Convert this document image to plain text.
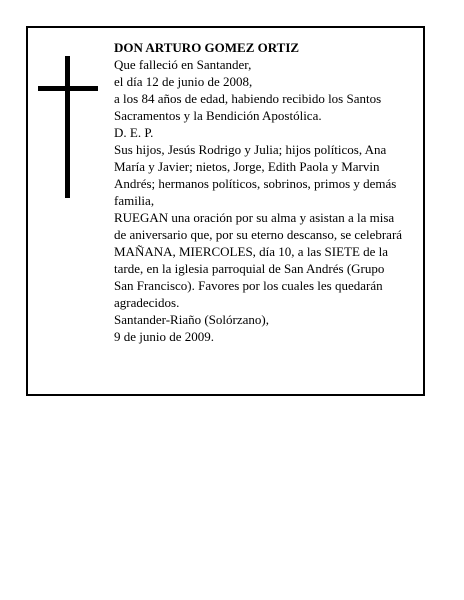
DON ARTURO GOMEZ ORTIZ
Que falleció en Santander,
el día 12 de junio de 2008,
a los 84 años de edad, habiendo recibido los Santos
Sacramentos y la Bendición Apostólica.
D. E. P.
Sus hijos, Jesús Rodrigo y Julia; hijos políticos, Ana
María y Javier; nietos, Jorge, Edith Paola y Marvin
Andrés; hermanos políticos, sobrinos, primos y demás
familia,
RUEGAN una oración por su alma y asistan a la misa
de aniversario que, por su eterno descanso, se celebrará
MAÑANA, MIERCOLES, día 10, a las SIETE de la
tarde, en la iglesia parroquial de San Andrés (Grupo
San Francisco). Favores por los cuales les quedarán
agradecidos.
Santander-Riaño (Solórzano),
9 de junio de 2009.
